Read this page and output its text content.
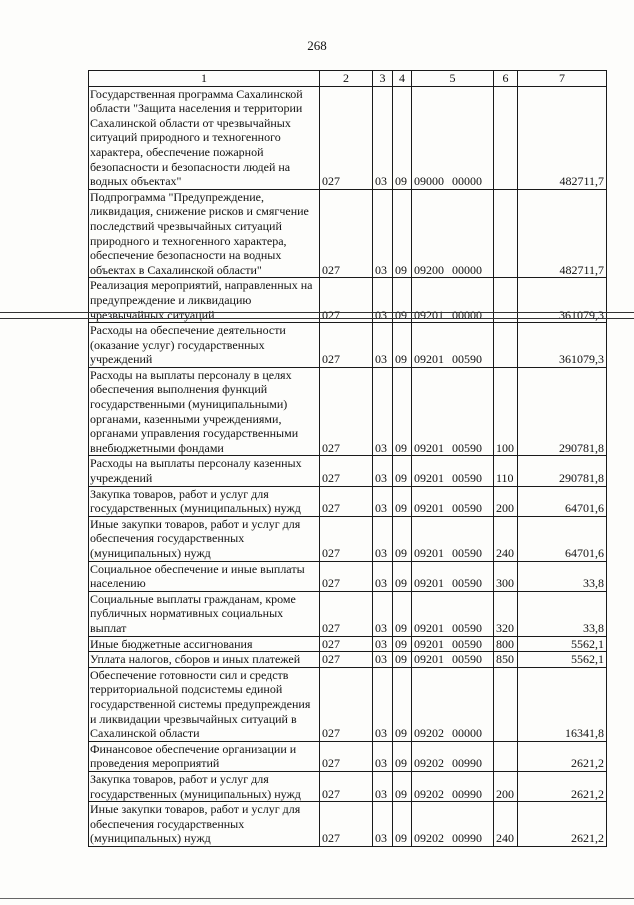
268
1	2	3	4	5	6	7
Государственная программа Сахалинской области "Защита населения и территории Сахалинской области от чрезвычайных ситуаций природного и техногенного характера, обеспечение пожарной безопасности и безопасности людей на водных объектах"	027	03	09	09000 00000		482711,7
Подпрограмма "Предупреждение, ликвидация, снижение рисков и смягчение последствий чрезвычайных ситуаций природного и техногенного характера, обеспечение безопасности на водных объектах в Сахалинской области"	027	03	09	09200 00000		482711,7
Реализация мероприятий, направленных на предупреждение и ликвидацию чрезвычайных ситуаций	027	03	09	09201 00000		361079,3
Расходы на обеспечение деятельности (оказание услуг) государственных учреждений	027	03	09	09201 00590		361079,3
Расходы на выплаты персоналу в целях обеспечения выполнения функций государственными (муниципальными) органами, казенными учреждениями, органами управления государственными внебюджетными фондами	027	03	09	09201 00590	100	290781,8
Расходы на выплаты персоналу казенных учреждений	027	03	09	09201 00590	110	290781,8
Закупка товаров, работ и услуг для государственных (муниципальных) нужд	027	03	09	09201 00590	200	64701,6
Иные закупки товаров, работ и услуг для обеспечения государственных (муниципальных) нужд	027	03	09	09201 00590	240	64701,6
Социальное обеспечение и иные выплаты населению	027	03	09	09201 00590	300	33,8
Социальные выплаты гражданам, кроме публичных нормативных социальных выплат	027	03	09	09201 00590	320	33,8
Иные бюджетные ассигнования	027	03	09	09201 00590	800	5562,1
Уплата налогов, сборов и иных платежей	027	03	09	09201 00590	850	5562,1
Обеспечение готовности сил и средств территориальной подсистемы единой государственной системы предупреждения и ликвидации чрезвычайных ситуаций в Сахалинской области	027	03	09	09202 00000		16341,8
Финансовое обеспечение организации и проведения мероприятий	027	03	09	09202 00990		2621,2
Закупка товаров, работ и услуг для государственных (муниципальных) нужд	027	03	09	09202 00990	200	2621,2
Иные закупки товаров, работ и услуг для обеспечения государственных (муниципальных) нужд	027	03	09	09202 00990	240	2621,2
